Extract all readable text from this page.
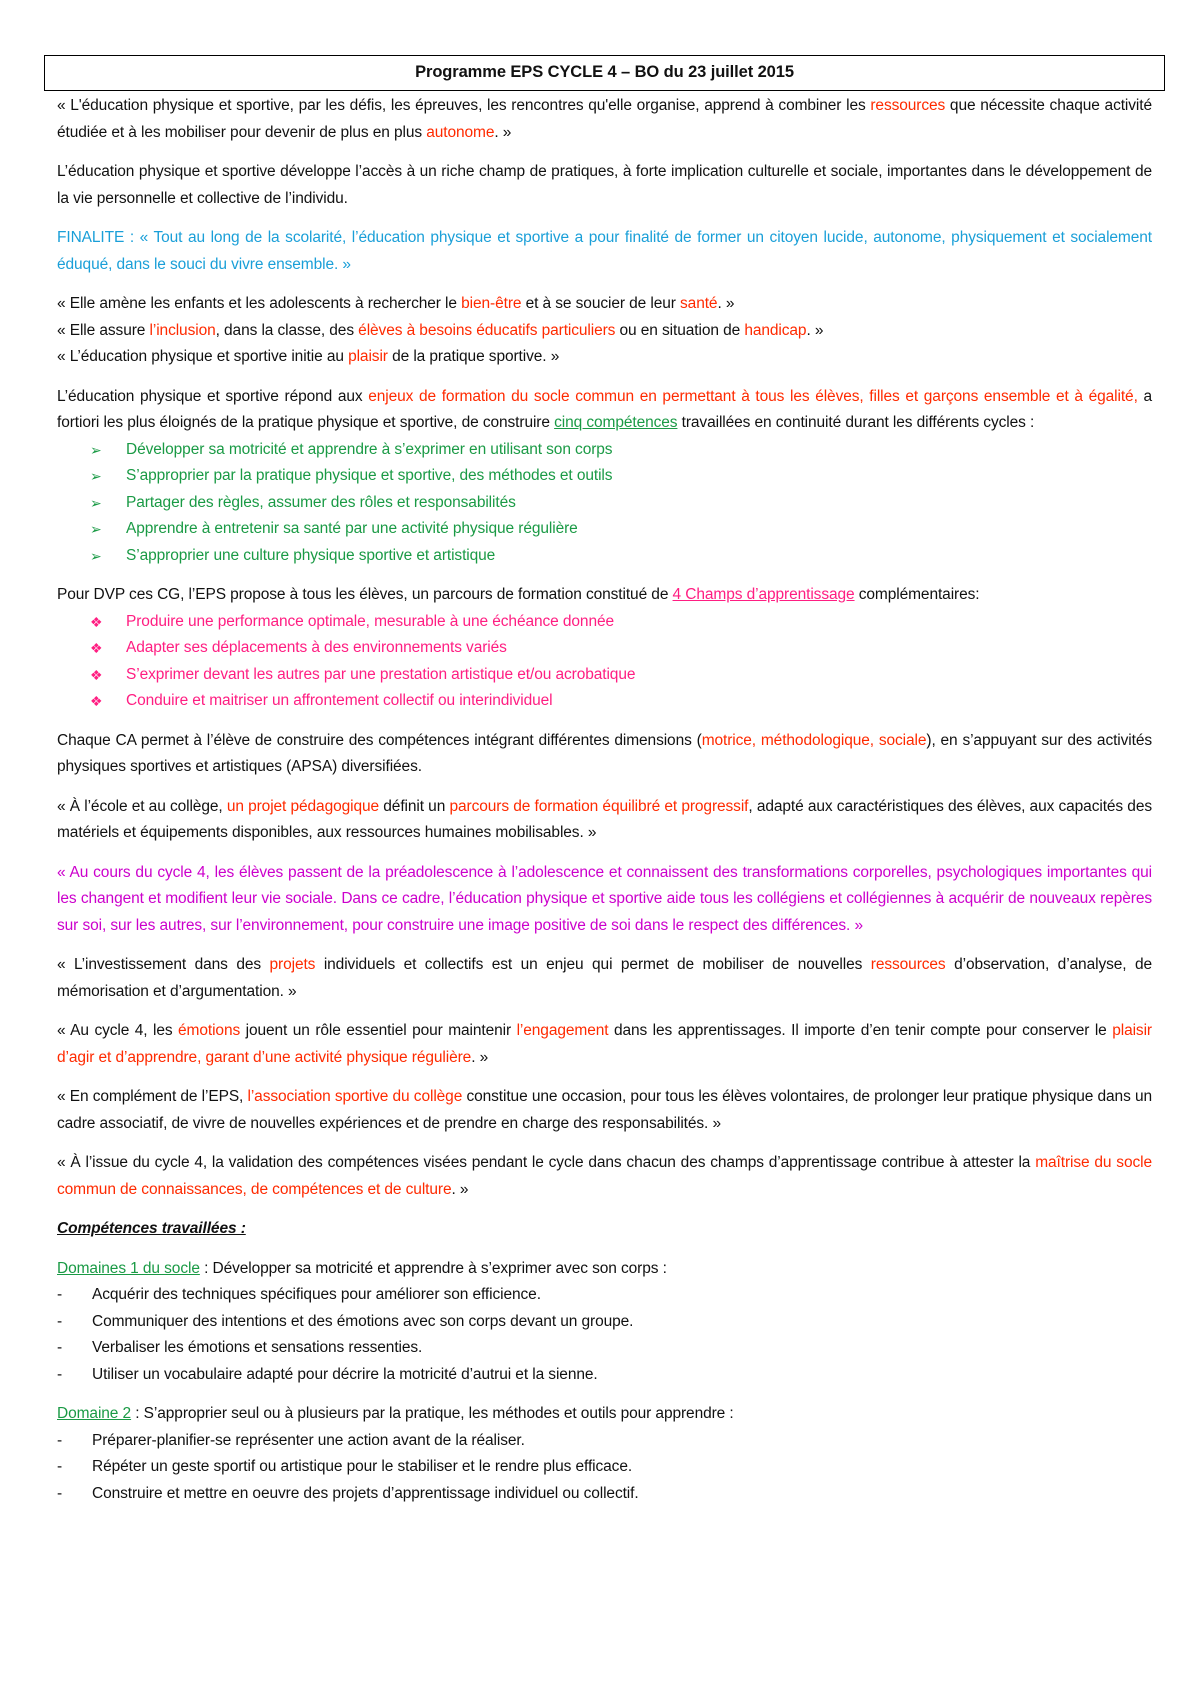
Programme EPS CYCLE 4 – BO du 23 juillet 2015

« L'éducation physique et sportive, par les défis, les épreuves, les rencontres qu'elle organise, apprend à combiner les ressources que nécessite chaque activité étudiée et à les mobiliser pour devenir de plus en plus autonome. »

L’éducation physique et sportive développe l’accès à un riche champ de pratiques, à forte implication culturelle et sociale, importantes dans le développement de la vie personnelle et collective de l’individu.

FINALITE : « Tout au long de la scolarité, l’éducation physique et sportive a pour finalité de former un citoyen lucide, autonome, physiquement et socialement éduqué, dans le souci du vivre ensemble. »

« Elle amène les enfants et les adolescents à rechercher le bien-être et à se soucier de leur santé. »

« Elle assure l’inclusion, dans la classe, des élèves à besoins éducatifs particuliers ou en situation de handicap. »

« L’éducation physique et sportive initie au plaisir de la pratique sportive. »

L’éducation physique et sportive répond aux enjeux de formation du socle commun en permettant à tous les élèves, filles et garçons ensemble et à égalité, a fortiori les plus éloignés de la pratique physique et sportive, de construire cinq compétences travaillées en continuité durant les différents cycles :

➢ Développer sa motricité et apprendre à s’exprimer en utilisant son corps
➢ S’approprier par la pratique physique et sportive, des méthodes et outils
➢ Partager des règles, assumer des rôles et responsabilités
➢ Apprendre à entretenir sa santé par une activité physique régulière
➢ S’approprier une culture physique sportive et artistique

Pour DVP ces CG, l’EPS propose à tous les élèves, un parcours de formation constitué de 4 Champs d’apprentissage complémentaires:

❖ Produire une performance optimale, mesurable à une échéance donnée
❖ Adapter ses déplacements à des environnements variés
❖ S’exprimer devant les autres par une prestation artistique et/ou acrobatique
❖ Conduire et maitriser un affrontement collectif ou interindividuel

Chaque CA permet à l’élève de construire des compétences intégrant différentes dimensions (motrice, méthodologique, sociale), en s’appuyant sur des activités physiques sportives et artistiques (APSA) diversifiées.

« À l’école et au collège, un projet pédagogique définit un parcours de formation équilibré et progressif, adapté aux caractéristiques des élèves, aux capacités des matériels et équipements disponibles, aux ressources humaines mobilisables. »

« Au cours du cycle 4, les élèves passent de la préadolescence à l’adolescence et connaissent des transformations corporelles, psychologiques importantes qui les changent et modifient leur vie sociale. Dans ce cadre, l’éducation physique et sportive aide tous les collégiens et collégiennes à acquérir de nouveaux repères sur soi, sur les autres, sur l’environnement, pour construire une image positive de soi dans le respect des différences. »

« L’investissement dans des projets individuels et collectifs est un enjeu qui permet de mobiliser de nouvelles ressources d’observation, d’analyse, de mémorisation et d’argumentation. »

« Au cycle 4, les émotions jouent un rôle essentiel pour maintenir l’engagement dans les apprentissages. Il importe d’en tenir compte pour conserver le plaisir d’agir et d’apprendre, garant d’une activité physique régulière. »

« En complément de l’EPS, l’association sportive du collège constitue une occasion, pour tous les élèves volontaires, de prolonger leur pratique physique dans un cadre associatif, de vivre de nouvelles expériences et de prendre en charge des responsabilités. »

« À l’issue du cycle 4, la validation des compétences visées pendant le cycle dans chacun des champs d’apprentissage contribue à attester la maîtrise du socle commun de connaissances, de compétences et de culture. »

Compétences travaillées :

Domaines 1 du socle : Développer sa motricité et apprendre à s’exprimer avec son corps :

- Acquérir des techniques spécifiques pour améliorer son efficience.
- Communiquer des intentions et des émotions avec son corps devant un groupe.
- Verbaliser les émotions et sensations ressenties.
- Utiliser un vocabulaire adapté pour décrire la motricité d’autrui et la sienne.

Domaine 2 : S’approprier seul ou à plusieurs par la pratique, les méthodes et outils pour apprendre :

- Préparer-planifier-se représenter une action avant de la réaliser.
- Répéter un geste sportif ou artistique pour le stabiliser et le rendre plus efficace.
- Construire et mettre en oeuvre des projets d’apprentissage individuel ou collectif.
